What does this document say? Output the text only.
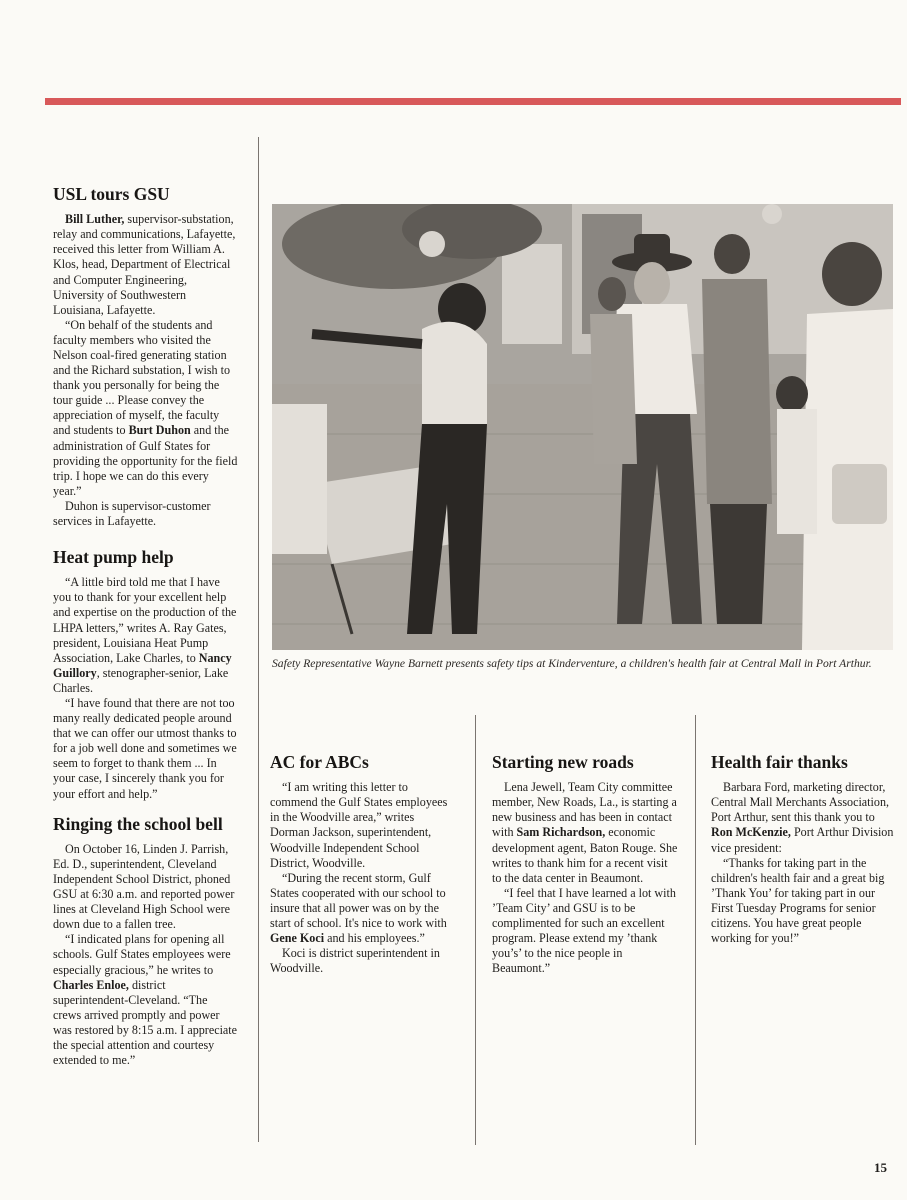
USL tours GSU

Bill Luther, supervisor-substation, relay and communications, Lafayette, received this letter from William A. Klos, head, Department of Electrical and Computer Engineering, University of Southwestern Louisiana, Lafayette.

“On behalf of the students and faculty members who visited the Nelson coal-fired generating station and the Richard substation, I wish to thank you personally for being the tour guide ... Please convey the appreciation of myself, the faculty and students to Burt Duhon and the administration of Gulf States for providing the opportunity for the field trip. I hope we can do this every year.”

Duhon is supervisor-customer services in Lafayette.

Heat pump help

“A little bird told me that I have you to thank for your excellent help and expertise on the production of the LHPA letters,” writes A. Ray Gates, president, Louisiana Heat Pump Association, Lake Charles, to Nancy Guillory, stenographer-senior, Lake Charles.

“I have found that there are not too many really dedicated people around that we can offer our utmost thanks to for a job well done and sometimes we seem to forget to thank them ... In your case, I sincerely thank you for your effort and help.”

Ringing the school bell

On October 16, Linden J. Parrish, Ed. D., superintendent, Cleveland Independent School District, phoned GSU at 6:30 a.m. and reported power lines at Cleveland High School were down due to a fallen tree.

“I indicated plans for opening all schools. Gulf States employees were especially gracious,” he writes to Charles Enloe, district superintendent-Cleveland. “The crews arrived promptly and power was restored by 8:15 a.m. I appreciate the special attention and courtesy extended to me.”

Safety Representative Wayne Barnett presents safety tips at Kinderventure, a children's health fair at Central Mall in Port Arthur.
AC for ABCs

“I am writing this letter to commend the Gulf States employees in the Woodville area,” writes Dorman Jackson, superintendent, Woodville Independent School District, Woodville.

“During the recent storm, Gulf States cooperated with our school to insure that all power was on by the start of school. It's nice to work with Gene Koci and his employees.”

Koci is district superintendent in Woodville.

Starting new roads

Lena Jewell, Team City committee member, New Roads, La., is starting a new business and has been in contact with Sam Richardson, economic development agent, Baton Rouge. She writes to thank him for a recent visit to the data center in Beaumont.

“I feel that I have learned a lot with ’Team City’ and GSU is to be complimented for such an excellent program. Please extend my ’thank you’s’ to the nice people in Beaumont.”

Health fair thanks

Barbara Ford, marketing director, Central Mall Merchants Association, Port Arthur, sent this thank you to Ron McKenzie, Port Arthur Division vice president:

“Thanks for taking part in the children's health fair and a great big ’Thank You’ for taking part in our First Tuesday Programs for senior citizens. You have great people working for you!”

15
